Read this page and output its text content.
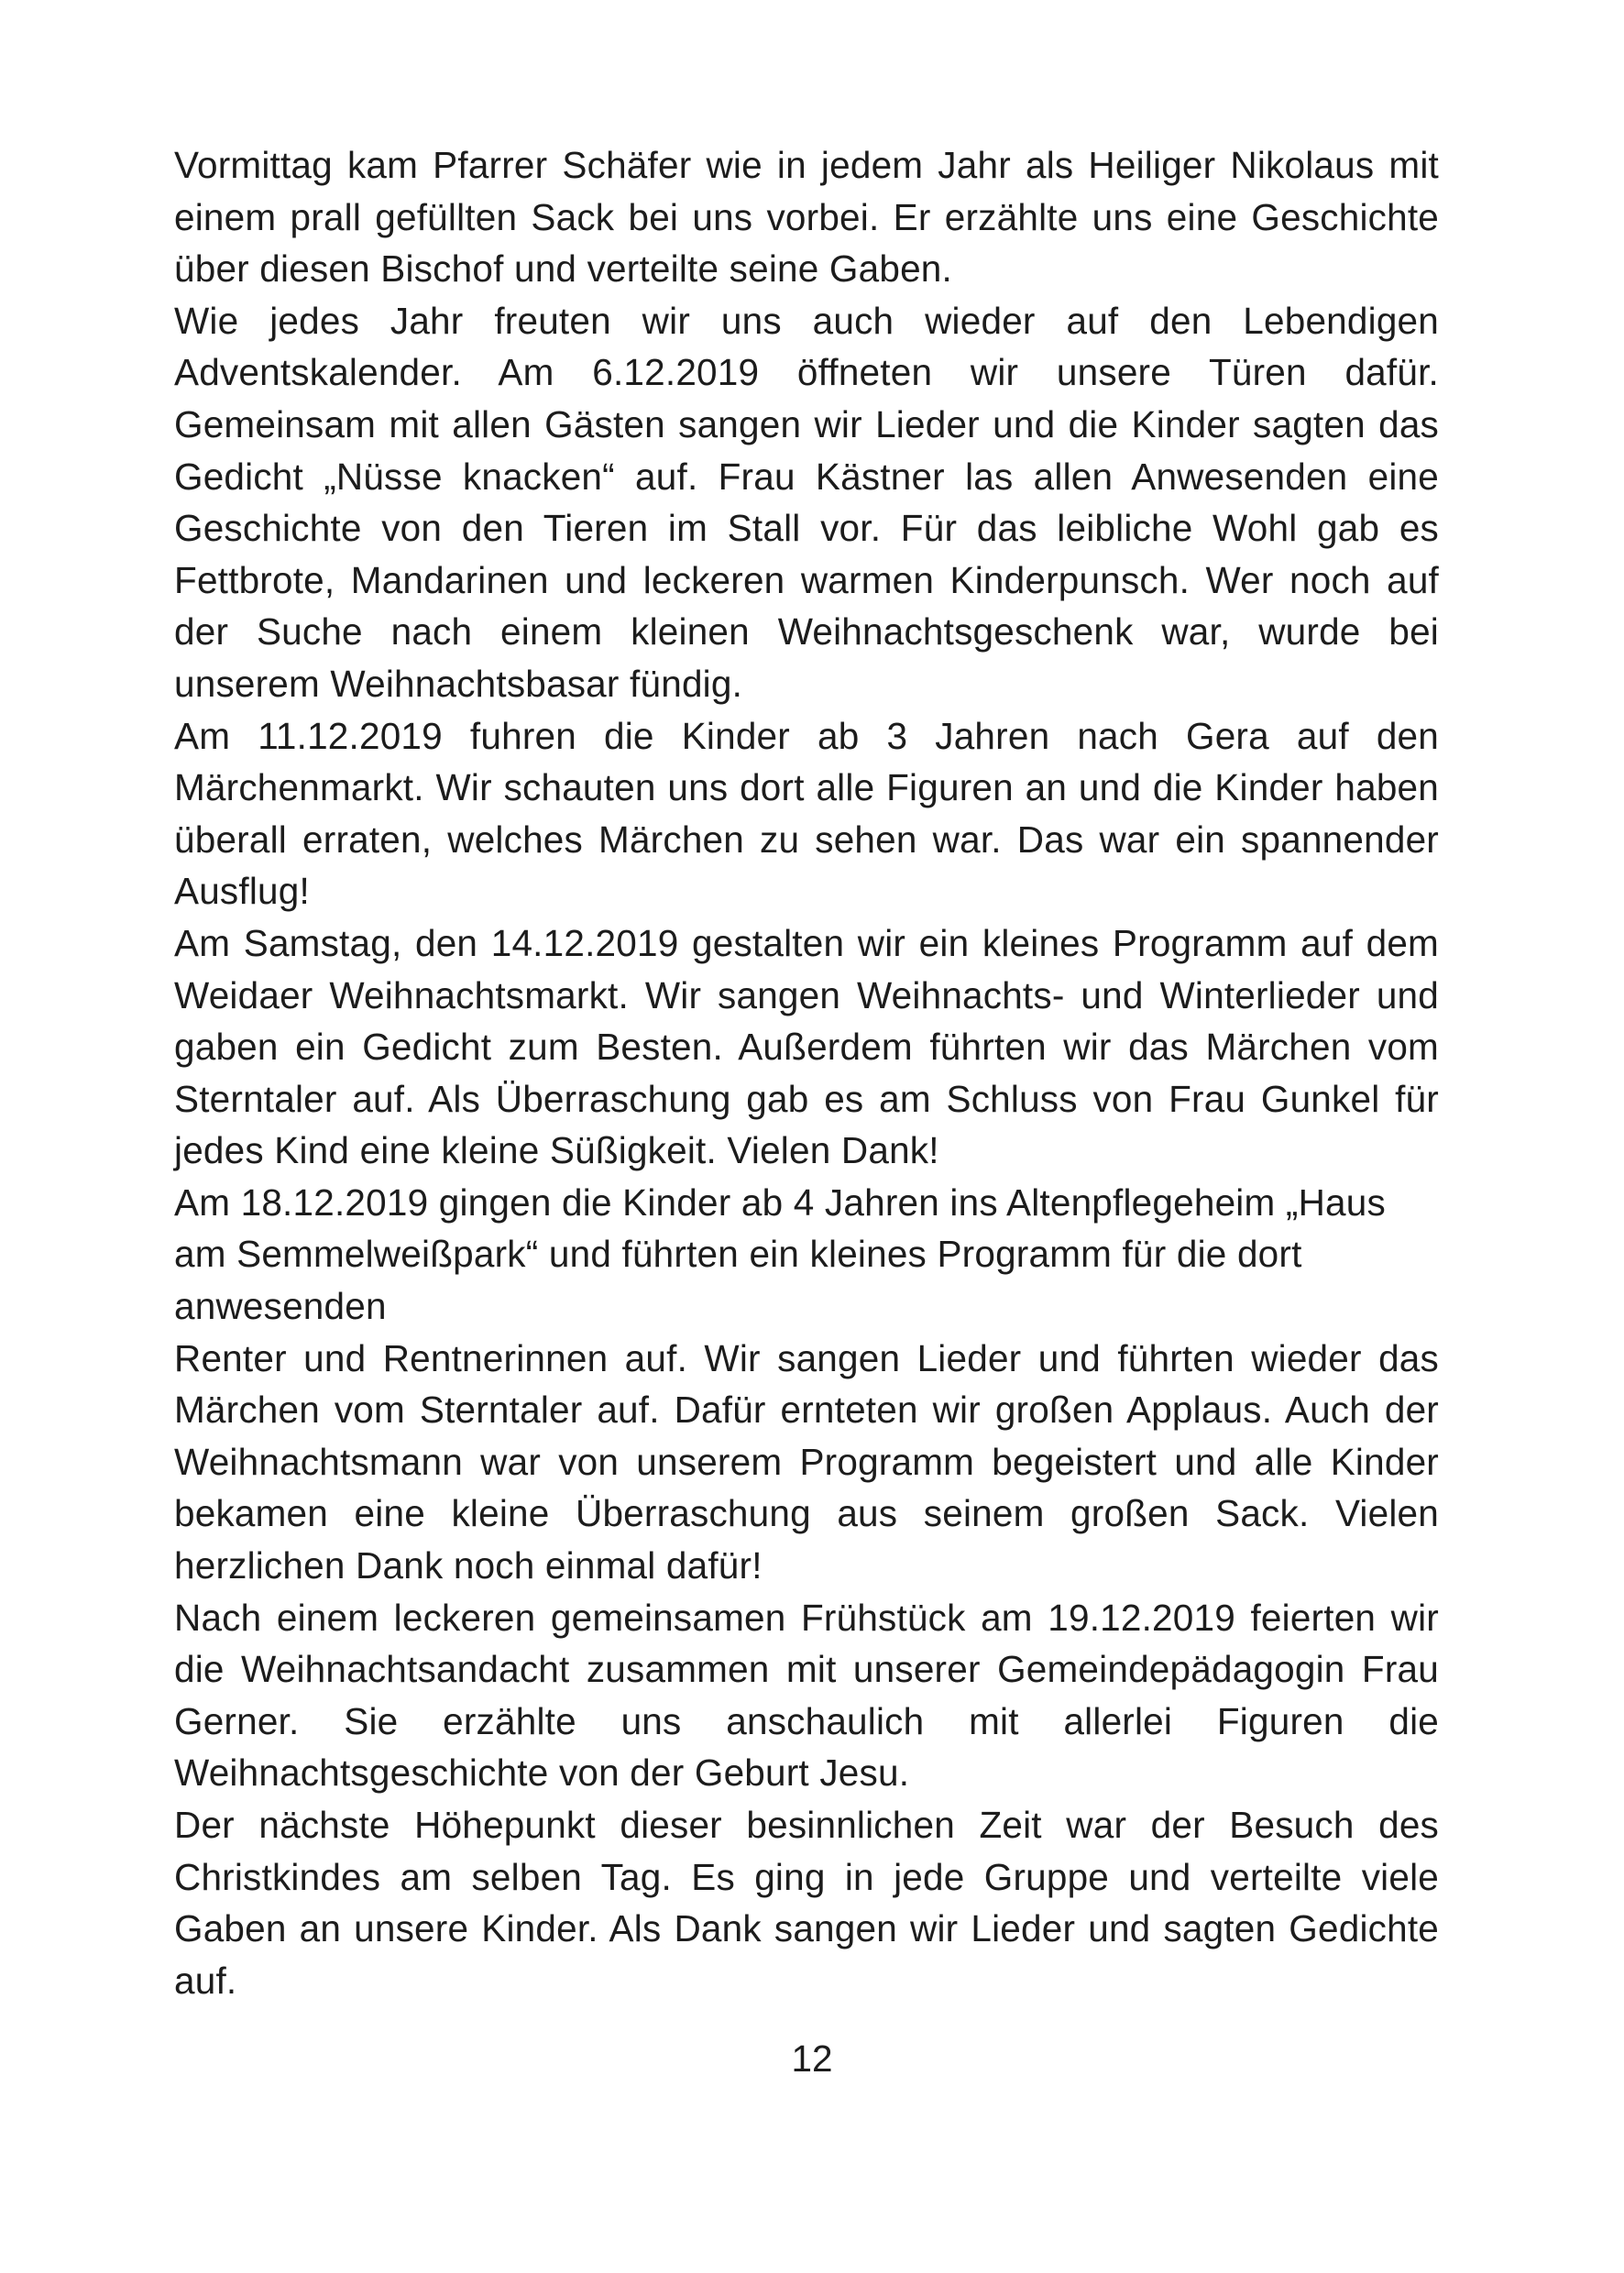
Vormittag kam Pfarrer Schäfer wie in jedem Jahr als Heiliger Nikolaus mit einem prall gefüllten Sack bei uns vorbei. Er erzählte uns eine Geschichte über diesen Bischof und verteilte seine Gaben.

Wie jedes Jahr freuten wir uns auch wieder auf den Lebendigen Adventskalender. Am 6.12.2019 öffneten wir unsere Türen dafür. Gemeinsam mit allen Gästen sangen wir Lieder und die Kinder sagten das Gedicht „Nüsse knacken“ auf. Frau Kästner las allen Anwesenden eine Geschichte von den Tieren im Stall vor. Für das leibliche Wohl gab es Fettbrote, Mandarinen und leckeren warmen Kinderpunsch. Wer noch auf der Suche nach einem kleinen Weihnachtsgeschenk war, wurde bei unserem Weihnachtsbasar fündig.

Am 11.12.2019 fuhren die Kinder ab 3 Jahren nach Gera auf den Märchenmarkt. Wir schauten uns dort alle Figuren an und die Kinder haben überall erraten, welches Märchen zu sehen war. Das war ein spannender Ausflug!

Am Samstag, den 14.12.2019 gestalten wir ein kleines Programm auf dem Weidaer Weihnachtsmarkt. Wir sangen Weihnachts- und Winterlieder und gaben ein Gedicht zum Besten. Außerdem führten wir das Märchen vom Sterntaler auf. Als Überraschung gab es am Schluss von Frau Gunkel für jedes Kind eine kleine Süßigkeit. Vielen Dank!

Am 18.12.2019 gingen die Kinder ab 4 Jahren ins Altenpflegeheim „Haus am Semmelweißpark“ und führten ein kleines Programm für die dort anwesenden

Renter und Rentnerinnen auf. Wir sangen Lieder und führten wieder das Märchen vom Sterntaler auf. Dafür ernteten wir großen Applaus. Auch der Weihnachtsmann war von unserem Programm begeistert und alle Kinder bekamen eine kleine Überraschung aus seinem großen Sack. Vielen herzlichen Dank noch einmal dafür!

Nach einem leckeren gemeinsamen Frühstück am 19.12.2019 feierten wir die Weihnachtsandacht zusammen mit unserer Gemeindepädagogin Frau Gerner. Sie erzählte uns anschaulich mit allerlei Figuren die Weihnachtsgeschichte von der Geburt Jesu.

Der nächste Höhepunkt dieser besinnlichen Zeit war der Besuch des Christkindes am selben Tag. Es ging in jede Gruppe und verteilte viele Gaben an unsere Kinder. Als Dank sangen wir Lieder und sagten Gedichte auf.

12
